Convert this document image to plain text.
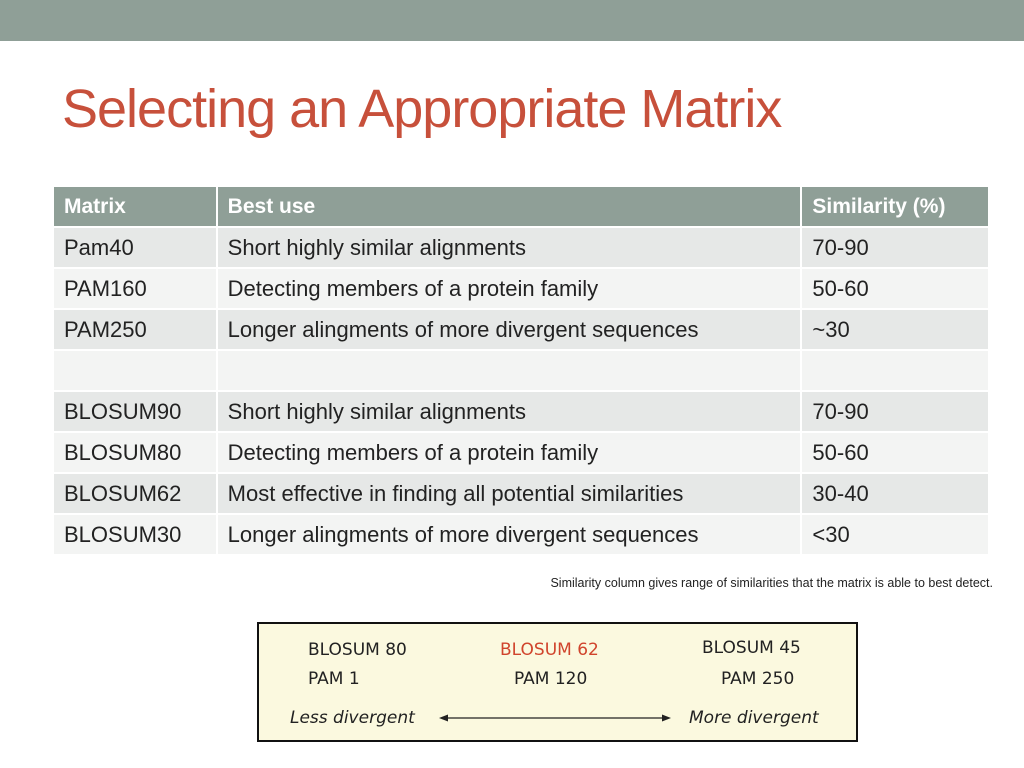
Selecting an Appropriate Matrix
Matrix	Best use	Similarity (%)
Pam40	Short highly similar alignments	70-90
PAM160	Detecting members of a protein family	50-60
PAM250	Longer alingments of more divergent sequences	~30

BLOSUM90	Short highly similar alignments	70-90
BLOSUM80	Detecting members of a protein family	50-60
BLOSUM62	Most effective in finding all potential similarities	30-40
BLOSUM30	Longer alingments of more divergent sequences	<30
Similarity column gives range of similarities that the matrix is able to best detect.
BLOSUM 80	BLOSUM 62	BLOSUM 45
PAM 1	PAM 120	PAM 250
Less divergent	More divergent
